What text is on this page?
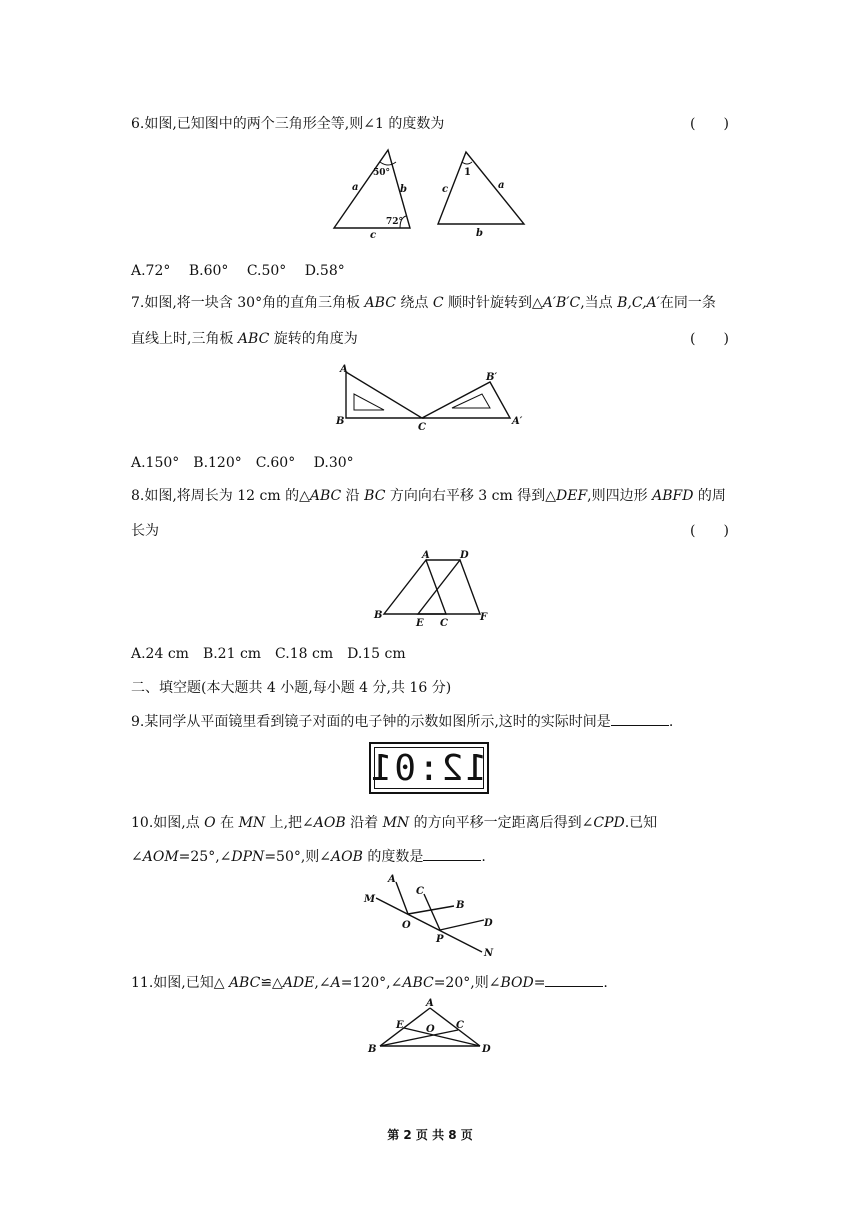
6.如图,已知图中的两个三角形全等,则∠1 的度数为	(　　)
50°
72°
a	b
c
1
c	a
b
A.72°　 B.60°　 C.50°　 D.58°
7.如图,将一块含 30°角的直角三角板 ABC 绕点 C 顺时针旋转到△A′B′C,当点 B,C,A′在同一条
直线上时,三角板 ABC 旋转的角度为	(　　)
A
B
C
B′
A′
A.150°　B.120°　C.60°　 D.30°
8.如图,将周长为 12 cm 的△ABC 沿 BC 方向向右平移 3 cm 得到△DEF,则四边形 ABFD 的周
长为	(　　)
A	D
B
E C
F
A.24 cm　B.21 cm　C.18 cm　D.15 cm
二、填空题(本大题共 4 小题,每小题 4 分,共 16 分)
9.某同学从平面镜里看到镜子对面的电子钟的示数如图所示,这时的实际时间是	.
12:01
10.如图,点 O 在 MN 上,把∠AOB 沿着 MN 的方向平移一定距离后得到∠CPD.已知
∠AOM=25°,∠DPN=50°,则∠AOB 的度数是	.
M
A
C
B
D
O
P
N
11.如图,已知△ ABC≌△ADE,∠A=120°,∠ABC=20°,则∠BOD=	.
A
E O C
B	D
第 2 页 共 8 页
